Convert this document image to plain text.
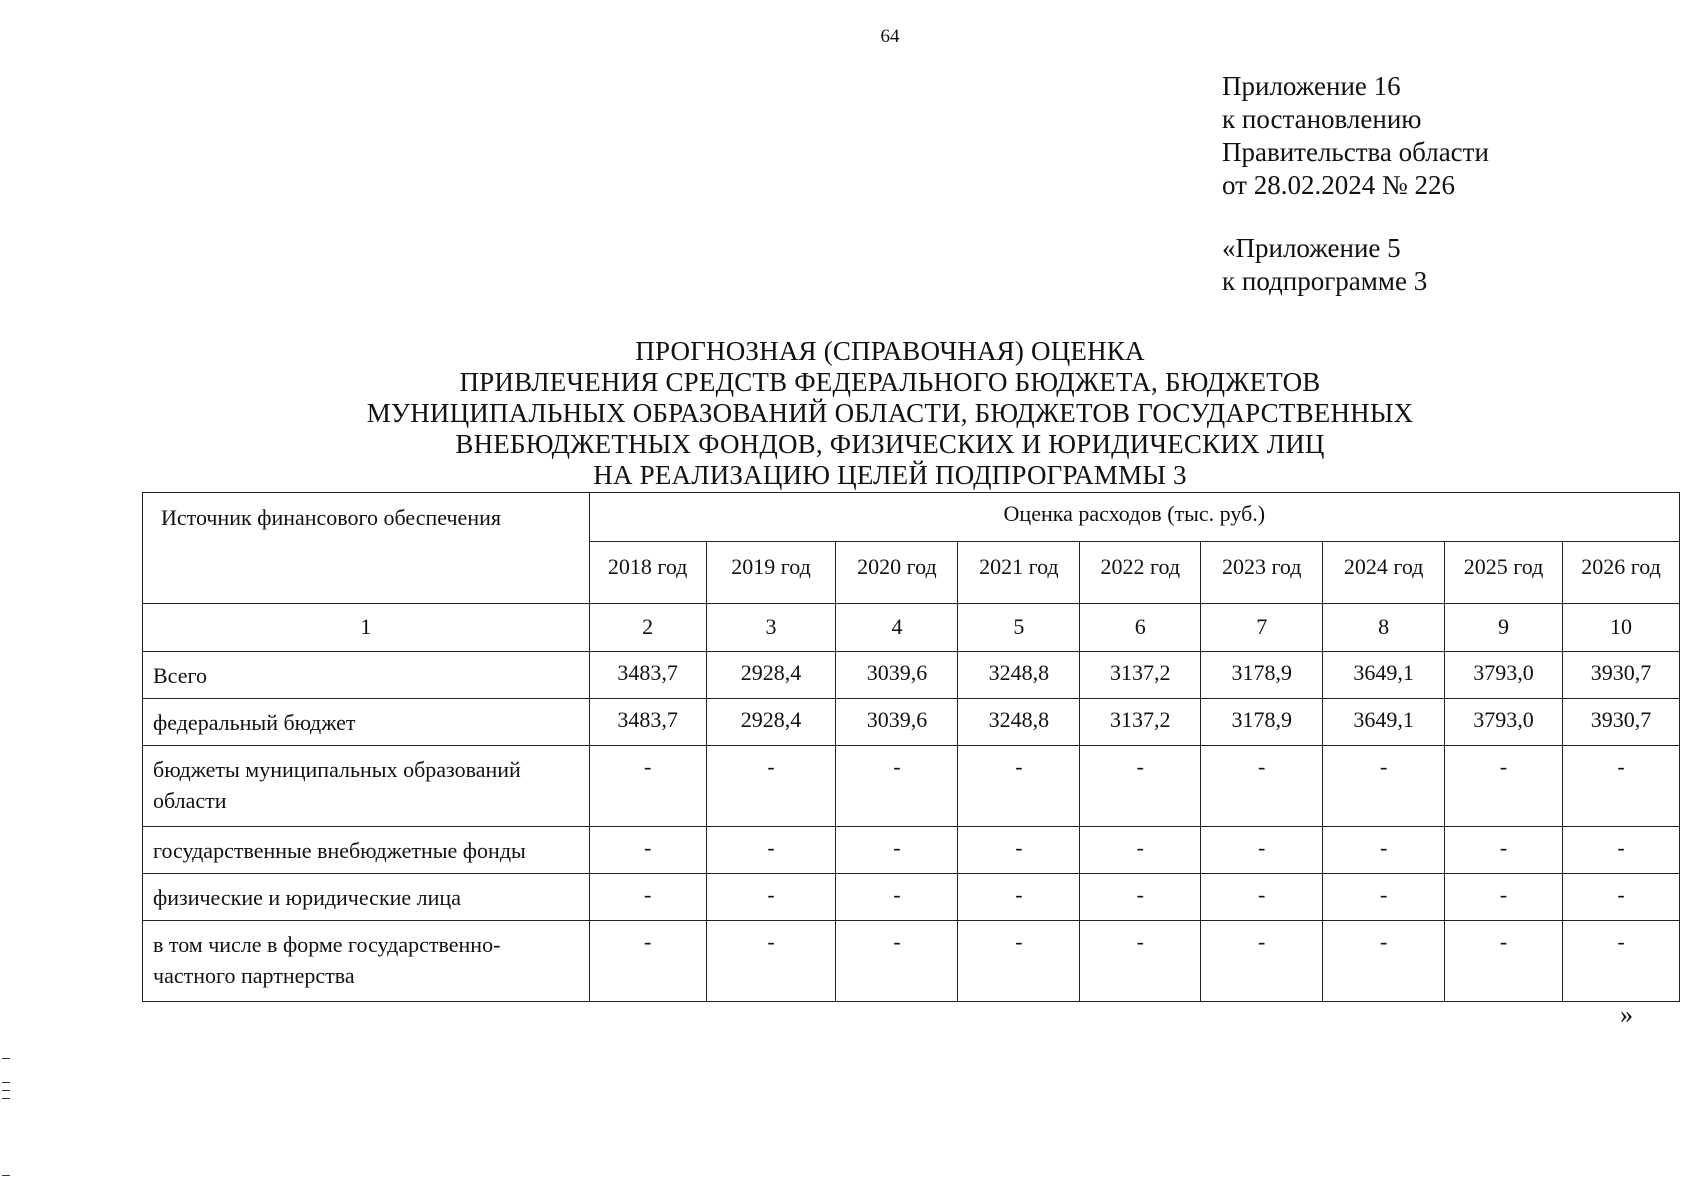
64
Приложение 16
к постановлению
Правительства области
от 28.02.2024 № 226
«Приложение 5
к подпрограмме 3
ПРОГНОЗНАЯ (СПРАВОЧНАЯ) ОЦЕНКА
ПРИВЛЕЧЕНИЯ СРЕДСТВ ФЕДЕРАЛЬНОГО БЮДЖЕТА, БЮДЖЕТОВ
МУНИЦИПАЛЬНЫХ ОБРАЗОВАНИЙ ОБЛАСТИ, БЮДЖЕТОВ ГОСУДАРСТВЕННЫХ
ВНЕБЮДЖЕТНЫХ ФОНДОВ, ФИЗИЧЕСКИХ И ЮРИДИЧЕСКИХ ЛИЦ
НА РЕАЛИЗАЦИЮ ЦЕЛЕЙ ПОДПРОГРАММЫ 3
Источник финансового обеспечения	Оценка расходов (тыс. руб.)								
	2018 год	2019 год	2020 год	2021 год	2022 год	2023 год	2024 год	2025 год	2026 год
1	2	3	4	5	6	7	8	9	10
Всего	3483,7	2928,4	3039,6	3248,8	3137,2	3178,9	3649,1	3793,0	3930,7
федеральный бюджет	3483,7	2928,4	3039,6	3248,8	3137,2	3178,9	3649,1	3793,0	3930,7
бюджеты муниципальных образований области	-	-	-	-	-	-	-	-	-
государственные внебюджетные фонды	-	-	-	-	-	-	-	-	-
физические и юридические лица	-	-	-	-	-	-	-	-	-
в том числе в форме государственно-частного партнерства	-	-	-	-	-	-	-	-	-
»
